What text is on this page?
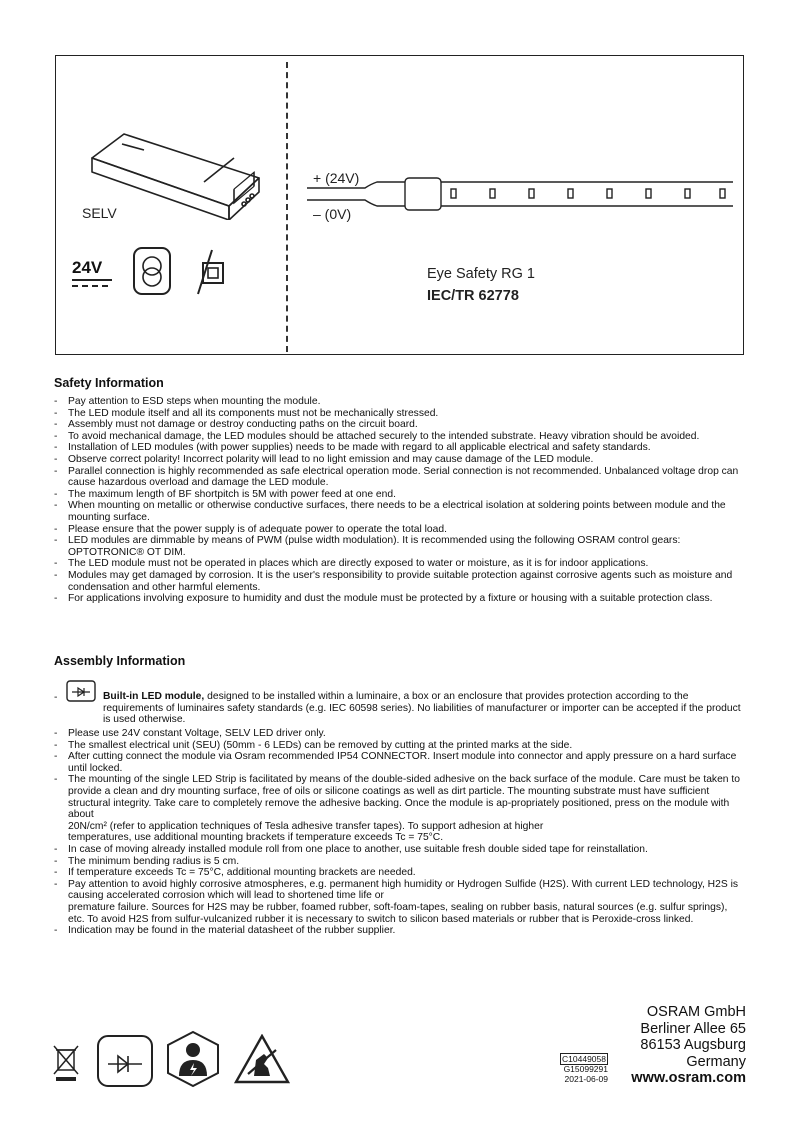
SELV
24V
+ (24V)
– (0V)
Eye Safety RG 1
IEC/TR 62778
Safety Information
- Pay attention to ESD steps when mounting the module.
- The LED module itself and all its components must not be mechanically stressed.
- Assembly must not damage or destroy conducting paths on the circuit board.
- To avoid mechanical damage, the LED modules should be attached securely to the intended substrate. Heavy vibration should be avoided.
- Installation of LED modules (with power supplies) needs to be made with regard to all applicable electrical and safety standards.
- Observe correct polarity! Incorrect polarity will lead to no light emission and may cause damage of the LED module.
- Parallel connection is highly recommended as safe electrical operation mode. Serial connection is not recommended. Unbalanced voltage drop can cause hazardous overload and damage the LED module.
- The maximum length of BF shortpitch is 5M with power feed at one end.
- When mounting on metallic or otherwise conductive surfaces, there needs to be a electrical isolation at soldering points between module and the mounting surface.
- Please ensure that the power supply is of adequate power to operate the total load.
- LED modules are dimmable by means of PWM (pulse width modulation). It is recommended using the following OSRAM control gears: OPTOTRONIC® OT DIM.
- The LED module must not be operated in places which are directly exposed to water or moisture, as it is for indoor applications.
- Modules may get damaged by corrosion. It is the user's responsibility to provide suitable protection against corrosive agents such as moisture and condensation and other harmful elements.
- For applications involving exposure to humidity and dust the module must be protected by a fixture or housing with a suitable protection class.
Assembly Information
-	Built-in LED module, designed to be installed within a luminaire, a box or an enclosure that provides protection according to the requirements of luminaires safety standards (e.g. IEC 60598 series). No liabilities of manufacturer or importer can be accepted if the product is used otherwise.
- Please use 24V constant Voltage, SELV LED driver only.
- The smallest electrical unit (SEU) (50mm - 6 LEDs) can be removed by cutting at the printed marks at the side.
- After cutting connect the module via Osram recommended IP54 CONNECTOR. Insert module into connector and apply pressure on a hard surface until locked.
- The mounting of the single LED Strip is facilitated by means of the double-sided adhesive on the back surface of the module. Care must be taken to provide a clean and dry mounting surface, free of oils or silicone coatings as well as dirt particle. The mounting substrate must have sufficient structural integrity. Take care to completely remove the adhesive backing. Once the module is ap-propriately positioned, press on the module with about
20N/cm² (refer to application techniques of Tesla adhesive transfer tapes). To support adhesion at higher
temperatures, use additional mounting brackets if temperature exceeds Tc = 75°C.
- In case of moving already installed module roll from one place to another, use suitable fresh double sided tape for reinstallation.
- The minimum bending radius is 5 cm.
- If temperature exceeds Tc = 75°C, additional mounting brackets are needed.
- Pay attention to avoid highly corrosive atmospheres, e.g. permanent high humidity or Hydrogen Sulfide (H2S). With current LED technology, H2S is causing accelerated corrosion which will lead to shortened time life or
premature failure. Sources for H2S may be rubber, foamed rubber, soft-foam-tapes, sealing on rubber basis, natural sources (e.g. sulfur springs), etc. To avoid H2S from sulfur-vulcanized rubber it is necessary to switch to silicon based materials or rubber that is Peroxide-cross linked.
- Indication may be found in the material datasheet of the rubber supplier.
C10449058
G15099291
2021-06-09
OSRAM GmbH
Berliner Allee 65
86153 Augsburg
Germany
www.osram.com
